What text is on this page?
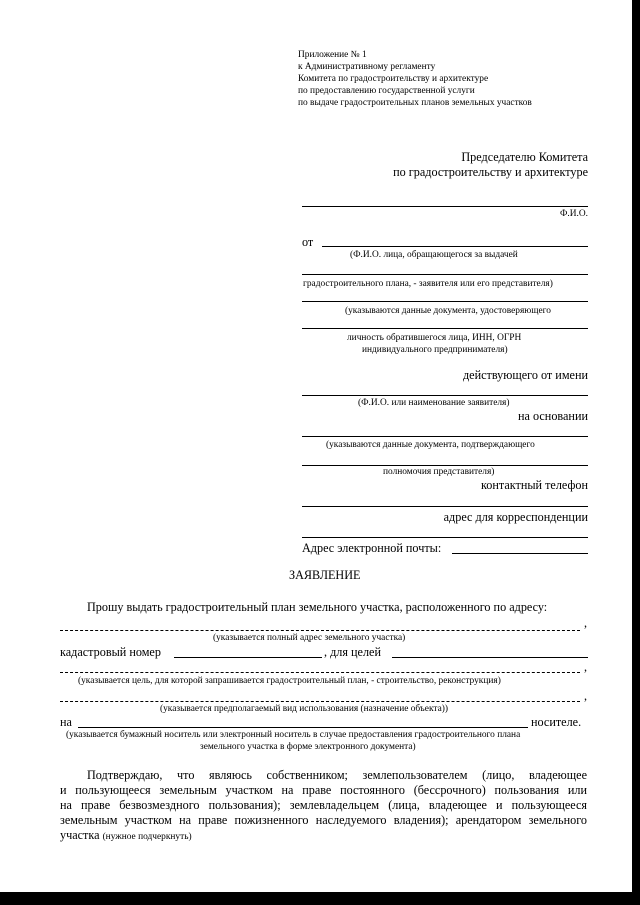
Приложение № 1
к Административному регламенту
Комитета по градостроительству и архитектуре
по предоставлению государственной услуги
по выдаче градостроительных планов земельных участков
Председателю Комитета
по градостроительству и архитектуре
Ф.И.О.
от
(Ф.И.О. лица, обращающегося за выдачей
градостроительного плана, - заявителя или его представителя)
(указываются данные документа, удостоверяющего
личность обратившегося лица, ИНН, ОГРН
индивидуального предпринимателя)
действующего от имени
(Ф.И.О. или наименование заявителя)
на основании
(указываются данные документа, подтверждающего
полномочия представителя)
контактный телефон
адрес для корреспонденции
Адрес электронной почты:
ЗАЯВЛЕНИЕ
Прошу выдать градостроительный план земельного участка, расположенного по адресу:
,
(указывается полный адрес земельного участка)
кадастровый номер	, для целей
,
(указывается цель, для которой запрашивается градостроительный план, - строительство, реконструкция)
,
(указывается предполагаемый вид использования (назначение объекта))
на	носителе.
(указывается бумажный носитель или электронный носитель в случае предоставления градостроительного плана
земельного участка в форме электронного документа)
Подтверждаю, что являюсь собственником; землепользователем (лицо, владеющее
и пользующееся земельным участком на праве постоянного (бессрочного) пользования или
на праве безвозмездного пользования); землевладельцем (лица, владеющее и пользующееся
земельным участком на праве пожизненного наследуемого владения); арендатором земельного
участка (нужное подчеркнуть)
